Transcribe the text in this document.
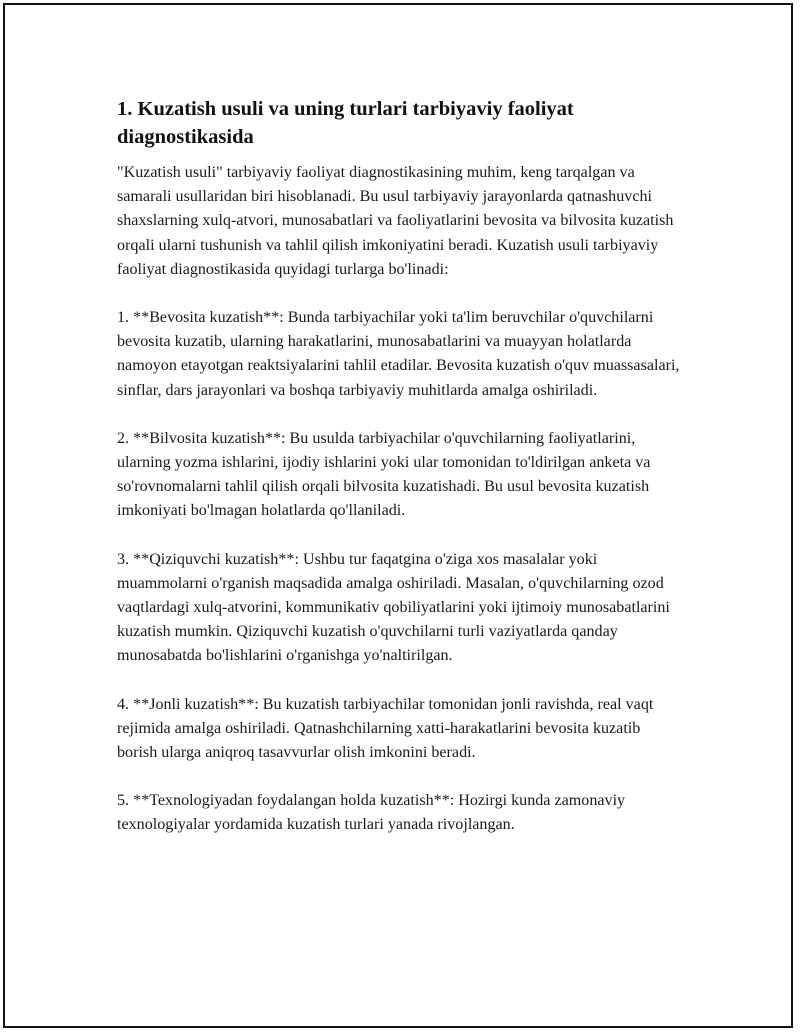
1. Kuzatish usuli va uning turlari tarbiyaviy faoliyat diagnostikasida

"Kuzatish usuli" tarbiyaviy faoliyat diagnostikasining muhim, keng tarqalgan va samarali usullaridan biri hisoblanadi. Bu usul tarbiyaviy jarayonlarda qatnashuvchi shaxslarning xulq-atvori, munosabatlari va faoliyatlarini bevosita va bilvosita kuzatish orqali ularni tushunish va tahlil qilish imkoniyatini beradi. Kuzatish usuli tarbiyaviy faoliyat diagnostikasida quyidagi turlarga bo'linadi:

1. **Bevosita kuzatish**: Bunda tarbiyachilar yoki ta'lim beruvchilar o'quvchilarni bevosita kuzatib, ularning harakatlarini, munosabatlarini va muayyan holatlarda namoyon etayotgan reaktsiyalarini tahlil etadilar. Bevosita kuzatish o'quv muassasalari, sinflar, dars jarayonlari va boshqa tarbiyaviy muhitlarda amalga oshiriladi.

2. **Bilvosita kuzatish**: Bu usulda tarbiyachilar o'quvchilarning faoliyatlarini, ularning yozma ishlarini, ijodiy ishlarini yoki ular tomonidan to'ldirilgan anketa va so'rovnomalarni tahlil qilish orqali bilvosita kuzatishadi. Bu usul bevosita kuzatish imkoniyati bo'lmagan holatlarda qo'llaniladi.

3. **Qiziquvchi kuzatish**: Ushbu tur faqatgina o'ziga xos masalalar yoki muammolarni o'rganish maqsadida amalga oshiriladi. Masalan, o'quvchilarning ozod vaqtlardagi xulq-atvorini, kommunikativ qobiliyatlarini yoki ijtimoiy munosabatlarini kuzatish mumkin. Qiziquvchi kuzatish o'quvchilarni turli vaziyatlarda qanday munosabatda bo'lishlarini o'rganishga yo'naltirilgan.

4. **Jonli kuzatish**: Bu kuzatish tarbiyachilar tomonidan jonli ravishda, real vaqt rejimida amalga oshiriladi. Qatnashchilarning xatti-harakatlarini bevosita kuzatib borish ularga aniqroq tasavvurlar olish imkonini beradi.

5. **Texnologiyadan foydalangan holda kuzatish**: Hozirgi kunda zamonaviy texnologiyalar yordamida kuzatish turlari yanada rivojlangan.
